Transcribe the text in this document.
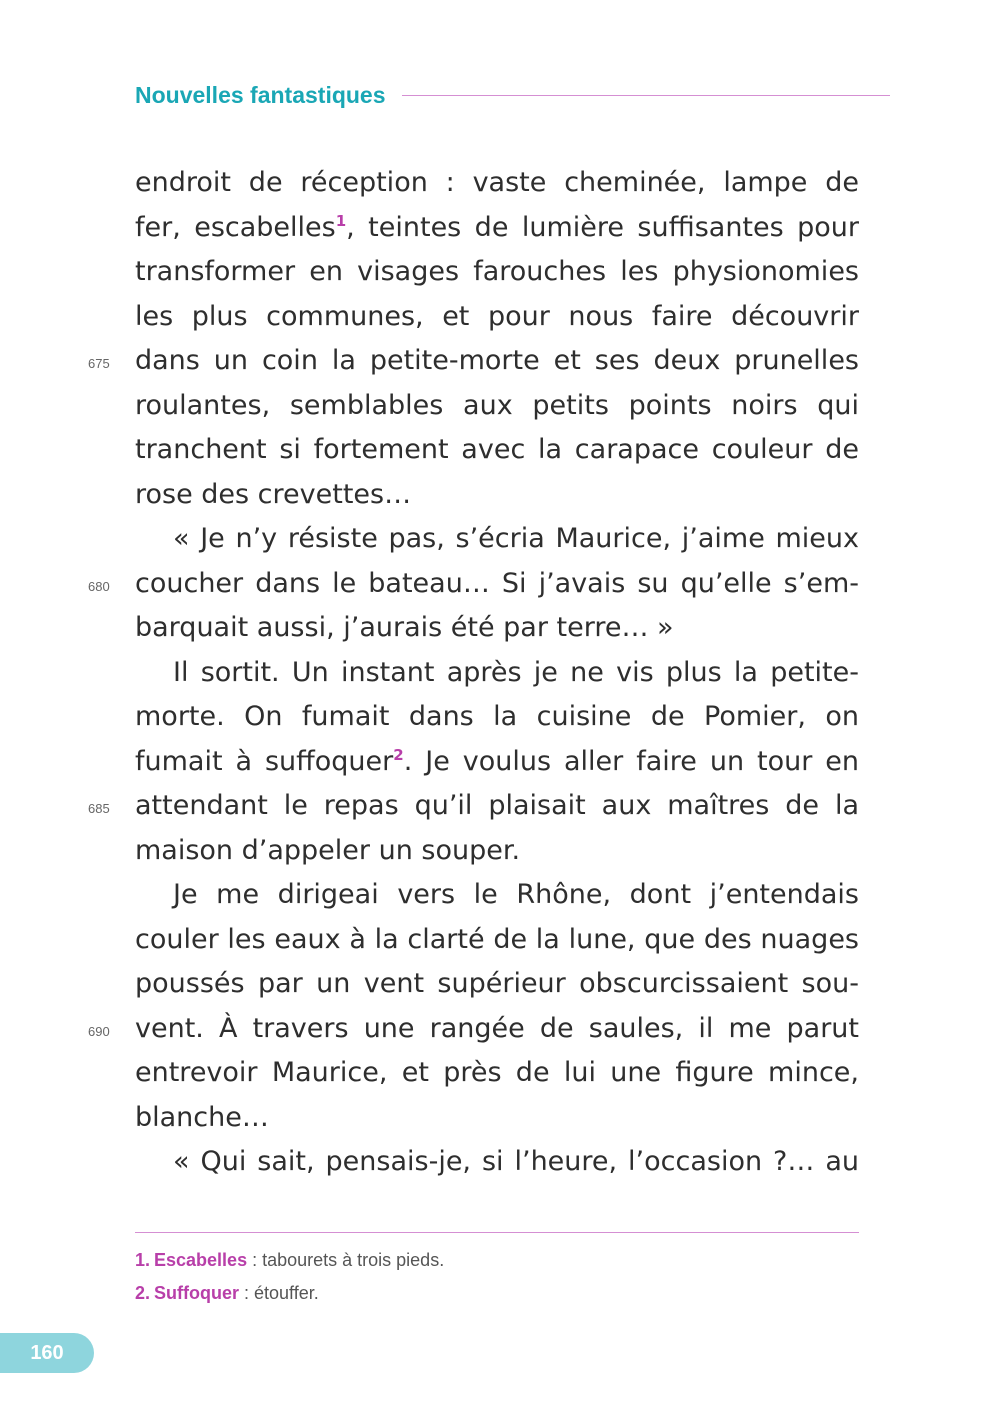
Nouvelles fantastiques
endroit de réception : vaste cheminée, lampe de
fer, escabelles$^1$, teintes de lumière suffisantes pour
transformer en visages farouches les physionomies
les plus communes, et pour nous faire découvrir
dans un coin la petite-morte et ses deux prunelles
roulantes, semblables aux petits points noirs qui
tranchent si fortement avec la carapace couleur de
rose des crevettes…
« Je n’y résiste pas, s’écria Maurice, j’aime mieux
coucher dans le bateau… Si j’avais su qu’elle s’em-
barquait aussi, j’aurais été par terre… »
Il sortit. Un instant après je ne vis plus la petite-
morte. On fumait dans la cuisine de Pomier, on
fumait à suffoquer$^2$. Je voulus aller faire un tour en
attendant le repas qu’il plaisait aux maîtres de la
maison d’appeler un souper.
Je me dirigeai vers le Rhône, dont j’entendais
couler les eaux à la clarté de la lune, que des nuages
poussés par un vent supérieur obscurcissaient sou-
vent. À travers une rangée de saules, il me parut
entrevoir Maurice, et près de lui une figure mince,
blanche…
« Qui sait, pensais-je, si l’heure, l’occasion ?… au
675
680
685
690
1. Escabelles : tabourets à trois pieds.
2. Suffoquer : étouffer.
160
